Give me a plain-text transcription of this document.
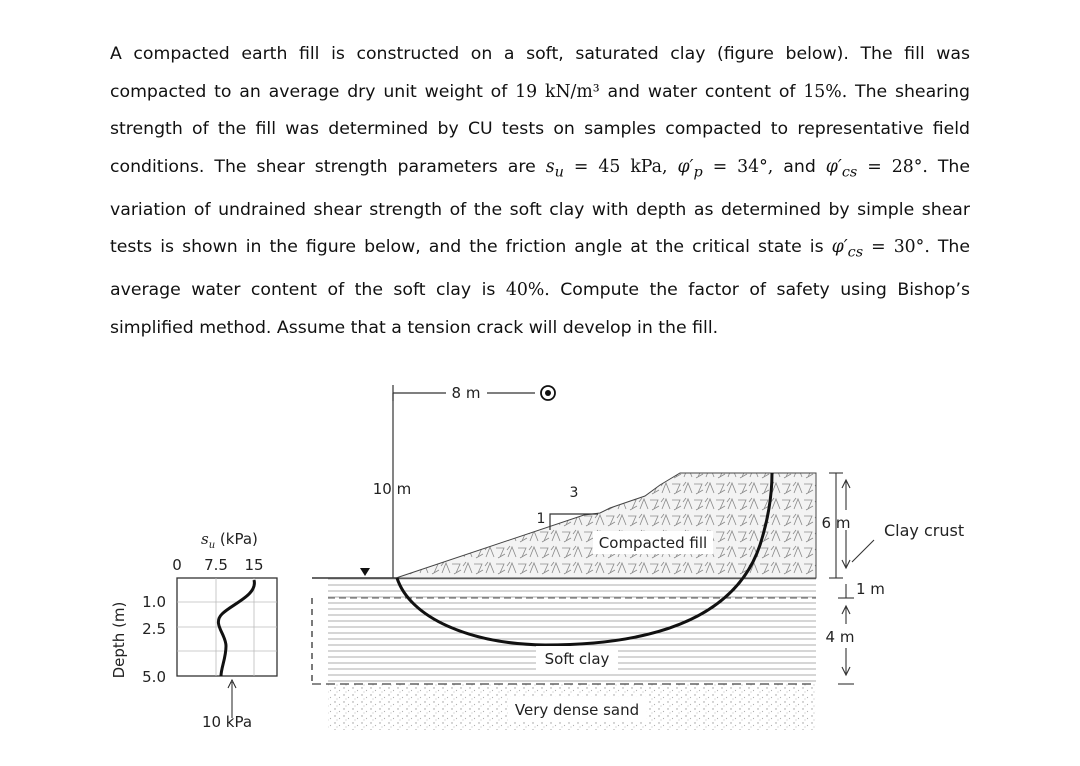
A compacted earth fill is constructed on a soft, saturated clay (figure below). The fill was compacted to an average dry unit weight of 19 kN/m³ and water content of 15%. The shearing strength of the fill was determined by CU tests on samples compacted to representative field conditions. The shear strength parameters are $s_u = 45$ kPa, $\varphi'_p = 34^\circ$, and $\varphi'_{cs} = 28^\circ$. The variation of undrained shear strength of the soft clay with depth as determined by simple shear tests is shown in the figure below, and the friction angle at the critical state is $\varphi'_{cs} = 30^\circ$. The average water content of the soft clay is 40%. Compute the factor of safety using Bishop’s simplified method. Assume that a tension crack will develop in the fill.

Depth (m)
$s_u$ (kPa)
0 7.5 15
1.0
2.5
5.0
10 kPa
8 m
10 m
1
3
Compacted fill
Soft clay
Very dense sand
6 m Clay crust
1 m
4 m
